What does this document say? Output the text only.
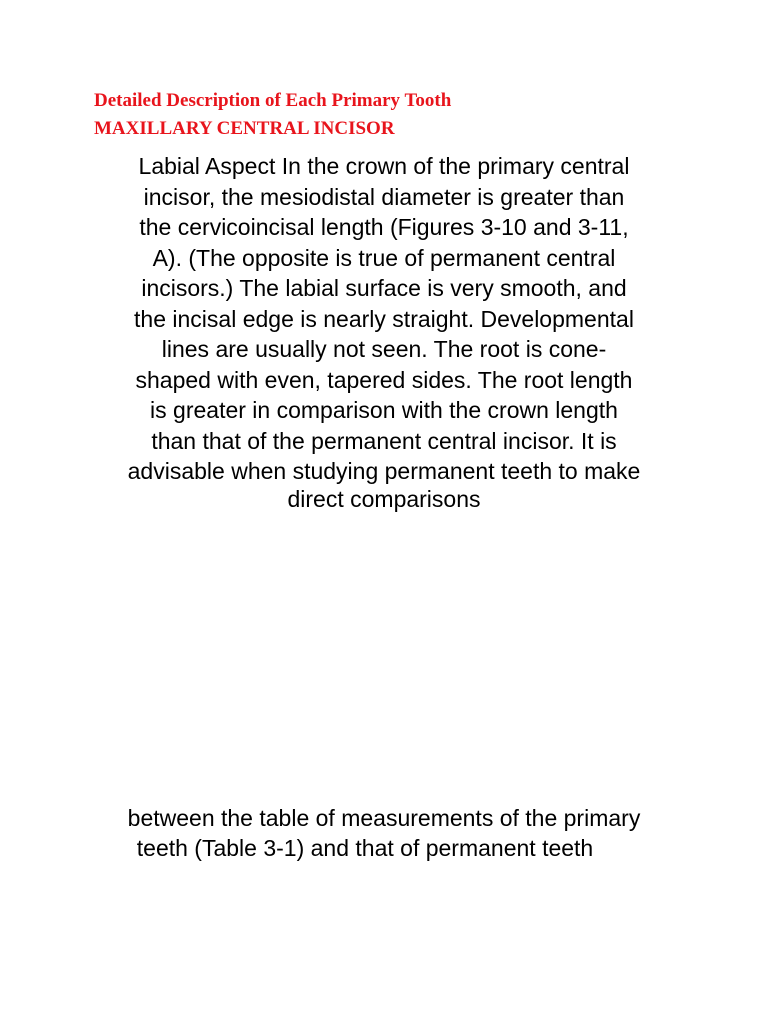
Detailed Description of Each Primary Tooth
MAXILLARY CENTRAL INCISOR
Labial Aspect In the crown of the primary central
incisor, the mesiodistal diameter is greater than
the cervicoincisal length (Figures 3-10 and 3-11,
A). (The opposite is true of permanent central
incisors.) The labial surface is very smooth, and
the incisal edge is nearly straight. Developmental
lines are usually not seen. The root is cone-
shaped with even, tapered sides. The root length
is greater in comparison with the crown length
than that of the permanent central incisor. It is
advisable when studying permanent teeth to make
direct comparisons
between the table of measurements of the primary
teeth (Table 3-1) and that of permanent teeth
